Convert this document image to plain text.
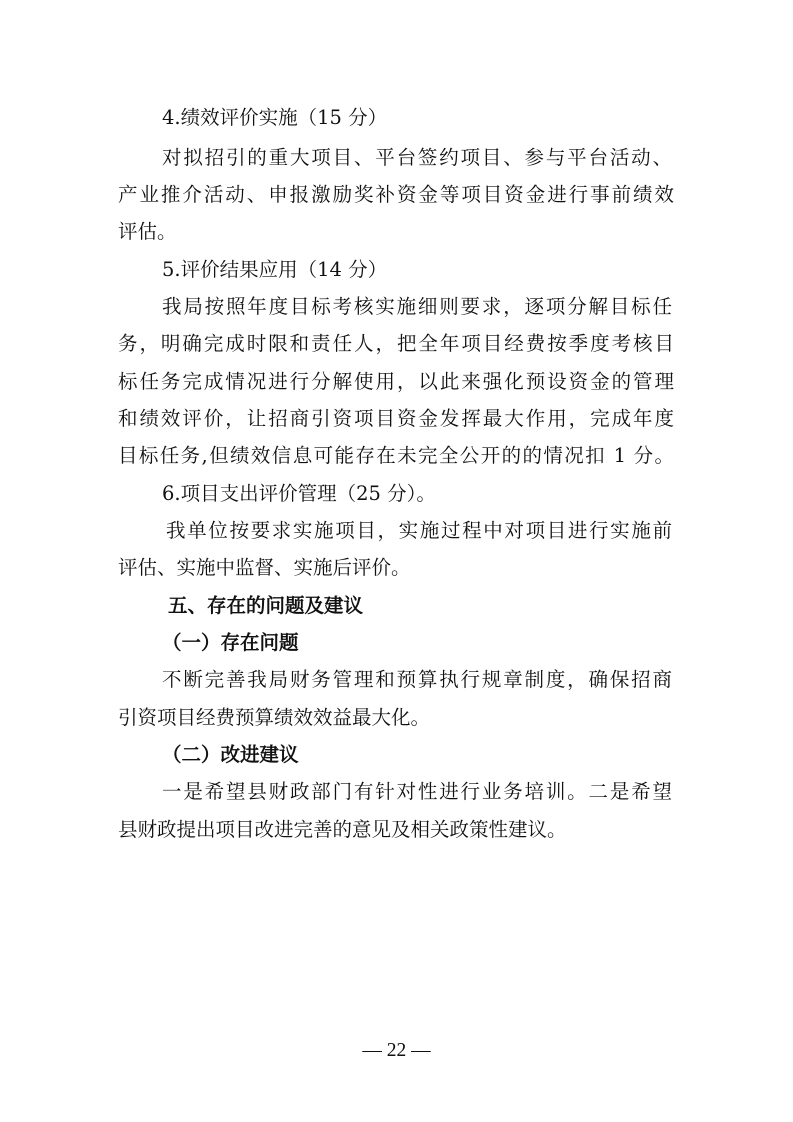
4.绩效评价实施（15 分）
对拟招引的重大项目、平台签约项目、参与平台活动、
产业推介活动、申报激励奖补资金等项目资金进行事前绩效
评估。
5.评价结果应用（14 分）
我局按照年度目标考核实施细则要求，逐项分解目标任
务，明确完成时限和责任人，把全年项目经费按季度考核目
标任务完成情况进行分解使用，以此来强化预设资金的管理
和绩效评价，让招商引资项目资金发挥最大作用，完成年度
目标任务,但绩效信息可能存在未完全公开的的情况扣 1 分。
6.项目支出评价管理（25 分）。
我单位按要求实施项目，实施过程中对项目进行实施前
评估、实施中监督、实施后评价。
五、存在的问题及建议
（一）存在问题
不断完善我局财务管理和预算执行规章制度，确保招商
引资项目经费预算绩效效益最大化。
（二）改进建议
一是希望县财政部门有针对性进行业务培训。二是希望
县财政提出项目改进完善的意见及相关政策性建议。
— 22 —
